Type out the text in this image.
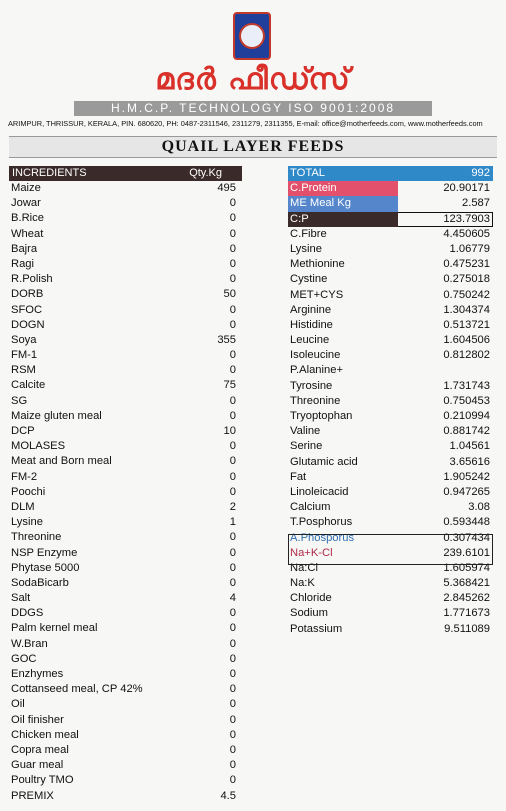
മദർ ഫീഡ്സ്
H.M.C.P. TECHNOLOGY ISO 9001:2008
ARIMPUR, THRISSUR, KERALA, PIN. 680620, PH: 0487-2311546, 2311279, 2311355, E-mail: office@motherfeeds.com, www.motherfeeds.com
QUAIL LAYER FEEDS
INCREDIENTS	Qty.Kg
Maize	495
Jowar	0
B.Rice	0
Wheat	0
Bajra	0
Ragi	0
R.Polish	0
DORB	50
SFOC	0
DOGN	0
Soya	355
FM-1	0
RSM	0
Calcite	75
SG	0
Maize gluten meal	0
DCP	10
MOLASES	0
Meat and Born meal	0
FM-2	0
Poochi	0
DLM	2
Lysine	1
Threonine	0
NSP Enzyme	0
Phytase 5000	0
SodaBicarb	0
Salt	4
DDGS	0
Palm kernel meal	0
W.Bran	0
GOC	0
Enzhymes	0
Cottanseed meal, CP 42%	0
Oil	0
Oil finisher	0
Chicken meal	0
Copra meal	0
Guar meal	0
Poultry TMO	0
PREMIX	4.5
TOTAL	992
C.Protein	20.90171
ME Meal Kg	2.587
C:P	123.7903
C.Fibre	4.450605
Lysine	1.06779
Methionine	0.475231
Cystine	0.275018
MET+CYS	0.750242
Arginine	1.304374
Histidine	0.513721
Leucine	1.604506
Isoleucine	0.812802
P.Alanine+
Tyrosine	1.731743
Threonine	0.750453
Tryoptophan	0.210994
Valine	0.881742
Serine	1.04561
Glutamic acid	3.65616
Fat	1.905242
Linoleicacid	0.947265
Calcium	3.08
T.Posphorus	0.593448
A.Phosporus	0.307434
Na+K-Cl	239.6101
Na:Cl	1.605974
Na:K	5.368421
Chloride	2.845262
Sodium	1.771673
Potassium	9.511089
